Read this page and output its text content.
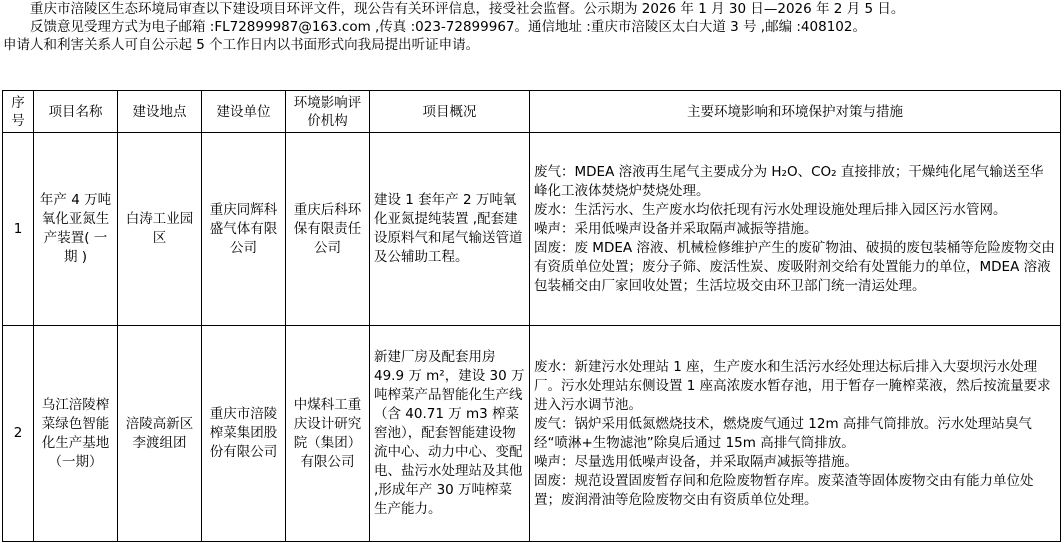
重庆市涪陵区生态环境局审查以下建设项目环评文件，现公告有关环评信息，接受社会监督。公示期为 2026 年 1 月 30 日—2026 年 2 月 5 日。

反馈意见受理方式为电子邮箱 :FL72899987@163.com ,传真 :023-72899967。通信地址 :重庆市涪陵区太白大道 3 号 ,邮编 :408102。

申请人和利害关系人可自公示起 5 个工作日内以书面形式向我局提出听证申请。

序号	项目名称	建设地点	建设单位	环境影响评价机构	项目概况	主要环境影响和环境保护对策与措施
1	年产 4 万吨氧化亚氮生产装置( 一期 )	白涛工业园区	重庆同辉科盛气体有限公司	重庆后科环保有限责任公司	建设 1 套年产 2 万吨氧化亚氮提纯装置 ,配套建设原料气和尾气输送管道及公辅助工程。	废气：MDEA 溶液再生尾气主要成分为 H₂O、CO₂ 直接排放；干燥纯化尾气输送至华峰化工液体焚烧炉焚烧处理。
废水：生活污水、生产废水均依托现有污水处理设施处理后排入园区污水管网。
噪声：采用低噪声设备并采取隔声减振等措施。
固废：废 MDEA 溶液、机械检修维护产生的废矿物油、破损的废包装桶等危险废物交由有资质单位处置；废分子筛、废活性炭、废吸附剂交给有处置能力的单位，MDEA 溶液包装桶交由厂家回收处置；生活垃圾交由环卫部门统一清运处理。

2	乌江涪陵榨菜绿色智能化生产基地（一期）	涪陵高新区李渡组团	重庆市涪陵榨菜集团股份有限公司	中煤科工重庆设计研究院（集团）有限公司	新建厂房及配套用房 49.9 万 m²，建设 30 万吨榨菜产品智能化生产线（含 40.71 万 m3 榨菜窖池），配套智能建设物流中心、动力中心、变配电、盐污水处理站及其他 ,形成年产 30 万吨榨菜生产能力。	废水：新建污水处理站 1 座，生产废水和生活污水经处理达标后排入大耍坝污水处理厂。污水处理站东侧设置 1 座高浓废水暂存池，用于暂存一腌榨菜液，然后按流量要求进入污水调节池。
废气：锅炉采用低氮燃烧技术，燃烧废气通过 12m 高排气筒排放。污水处理站臭气经“喷淋+生物滤池”除臭后通过 15m 高排气筒排放。
噪声：尽量选用低噪声设备，并采取隔声减振等措施。
固废：规范设置固废暂存间和危险废物暂存库。废菜渣等固体废物交由有能力单位处置；废润滑油等危险废物交由有资质单位处理。
